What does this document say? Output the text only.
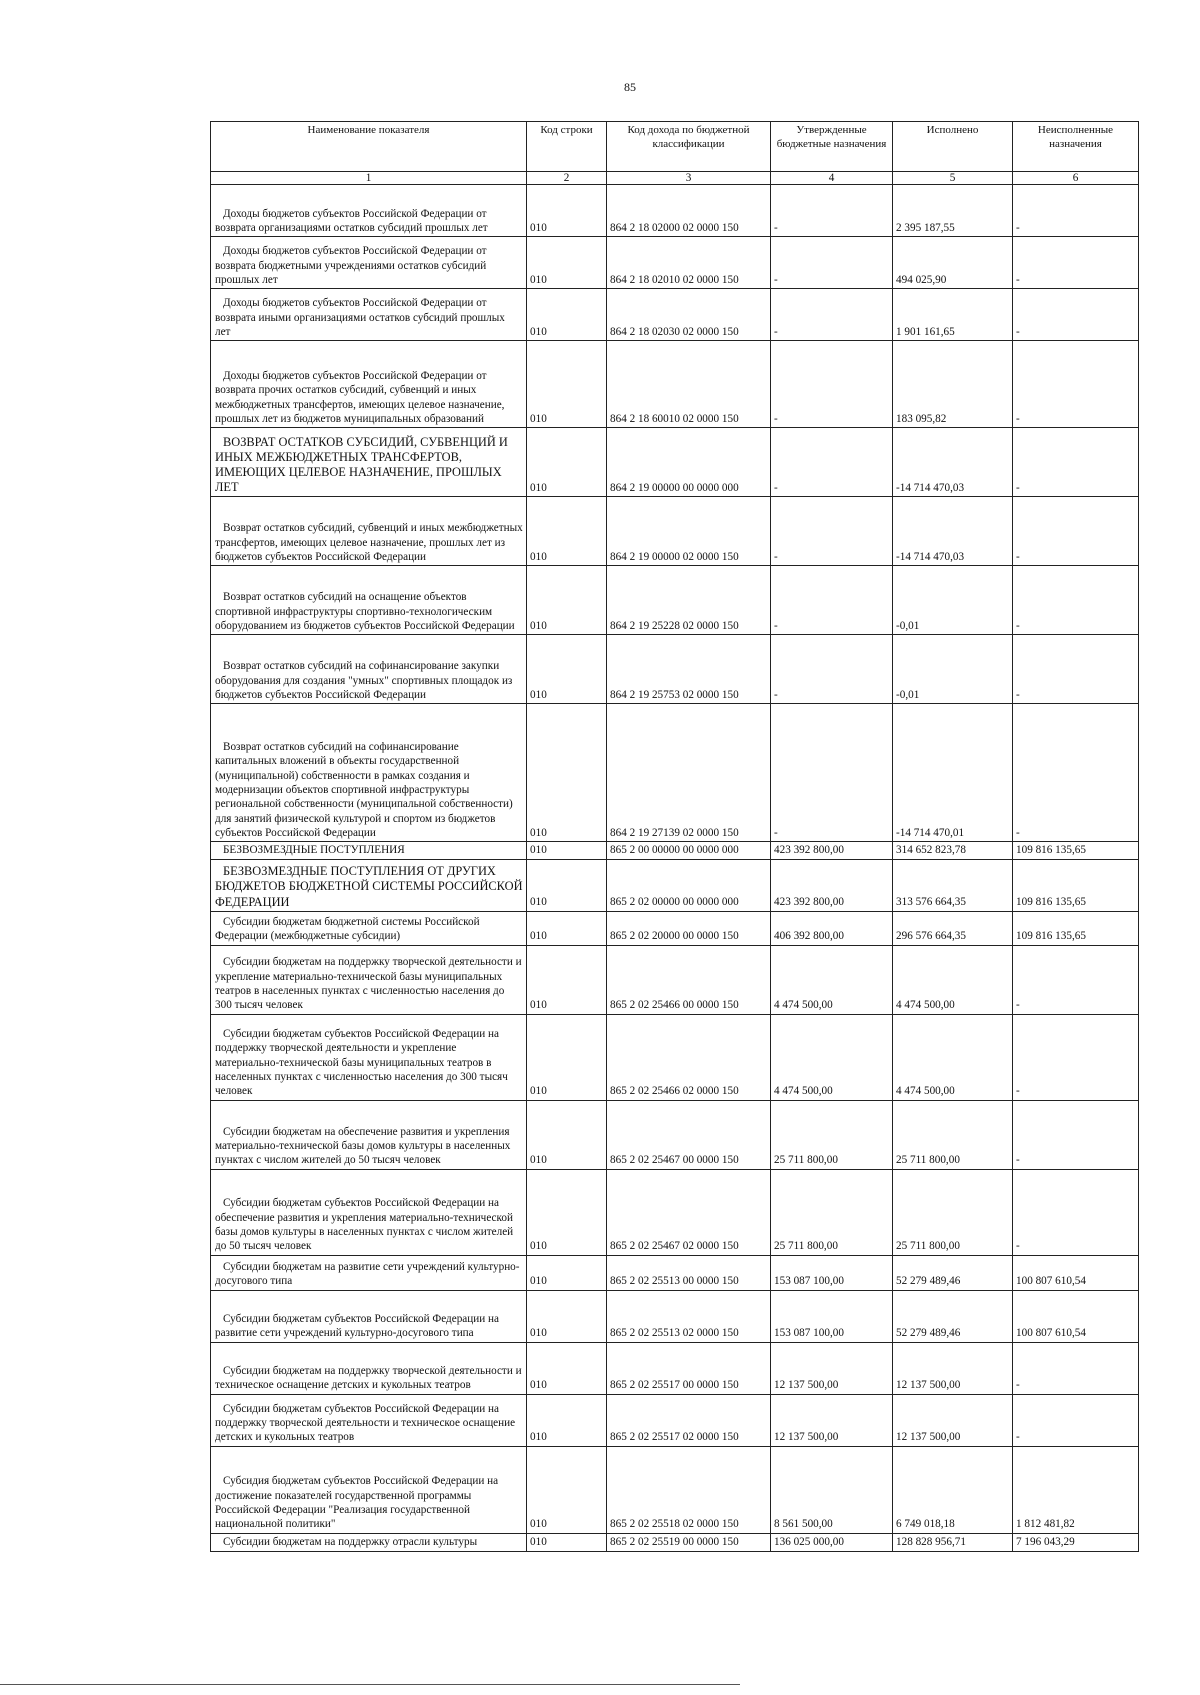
85
Наименование показателя	Код строки	Код дохода по бюджетной классификации	Утвержденные бюджетные назначения	Исполнено	Неисполненные назначения
1	2	3	4	5	6

Доходы бюджетов субъектов Российской Федерации от возврата организациями остатков субсидий прошлых лет	010	864 2 18 02000 02 0000 150	-	2 395 187,55	-

Доходы бюджетов субъектов Российской Федерации от возврата бюджетными учреждениями остатков субсидий прошлых лет	010	864 2 18 02010 02 0000 150	-	494 025,90	-

Доходы бюджетов субъектов Российской Федерации от возврата иными организациями остатков субсидий прошлых лет	010	864 2 18 02030 02 0000 150	-	1 901 161,65	-

Доходы бюджетов субъектов Российской Федерации от возврата прочих остатков субсидий, субвенций и иных межбюджетных трансфертов, имеющих целевое назначение, прошлых лет из бюджетов муниципальных образований	010	864 2 18 60010 02 0000 150	-	183 095,82	-

ВОЗВРАТ ОСТАТКОВ СУБСИДИЙ, СУБВЕНЦИЙ И ИНЫХ МЕЖБЮДЖЕТНЫХ ТРАНСФЕРТОВ, ИМЕЮЩИХ ЦЕЛЕВОЕ НАЗНАЧЕНИЕ, ПРОШЛЫХ ЛЕТ	010	864 2 19 00000 00 0000 000	-	-14 714 470,03	-

Возврат остатков субсидий, субвенций и иных межбюджетных трансфертов, имеющих целевое назначение, прошлых лет из бюджетов субъектов Российской Федерации	010	864 2 19 00000 02 0000 150	-	-14 714 470,03	-

Возврат остатков субсидий на оснащение объектов спортивной инфраструктуры спортивно-технологическим оборудованием из бюджетов субъектов Российской Федерации	010	864 2 19 25228 02 0000 150	-	-0,01	-

Возврат остатков субсидий на софинансирование закупки оборудования для создания "умных" спортивных площадок из бюджетов субъектов Российской Федерации	010	864 2 19 25753 02 0000 150	-	-0,01	-

Возврат остатков субсидий на софинансирование капитальных вложений в объекты государственной (муниципальной) собственности в рамках создания и модернизации объектов спортивной инфраструктуры региональной собственности (муниципальной собственности) для занятий физической культурой и спортом из бюджетов субъектов Российской Федерации	010	864 2 19 27139 02 0000 150	-	-14 714 470,01	-

БЕЗВОЗМЕЗДНЫЕ ПОСТУПЛЕНИЯ	010	865 2 00 00000 00 0000 000	423 392 800,00	314 652 823,78	109 816 135,65

БЕЗВОЗМЕЗДНЫЕ ПОСТУПЛЕНИЯ ОТ ДРУГИХ БЮДЖЕТОВ БЮДЖЕТНОЙ СИСТЕМЫ РОССИЙСКОЙ ФЕДЕРАЦИИ	010	865 2 02 00000 00 0000 000	423 392 800,00	313 576 664,35	109 816 135,65

Субсидии бюджетам бюджетной системы Российской Федерации (межбюджетные субсидии)	010	865 2 02 20000 00 0000 150	406 392 800,00	296 576 664,35	109 816 135,65

Субсидии бюджетам на поддержку творческой деятельности и укрепление материально-технической базы муниципальных театров в населенных пунктах с численностью населения до 300 тысяч человек	010	865 2 02 25466 00 0000 150	4 474 500,00	4 474 500,00	-

Субсидии бюджетам субъектов Российской Федерации на поддержку творческой деятельности и укрепление материально-технической базы муниципальных театров в населенных пунктах с численностью населения до 300 тысяч человек	010	865 2 02 25466 02 0000 150	4 474 500,00	4 474 500,00	-

Субсидии бюджетам на обеспечение развития и укрепления материально-технической базы домов культуры в населенных пунктах с числом жителей до 50 тысяч человек	010	865 2 02 25467 00 0000 150	25 711 800,00	25 711 800,00	-

Субсидии бюджетам субъектов Российской Федерации на обеспечение развития и укрепления материально-технической базы домов культуры в населенных пунктах с числом жителей до 50 тысяч человек	010	865 2 02 25467 02 0000 150	25 711 800,00	25 711 800,00	-

Субсидии бюджетам на развитие сети учреждений культурно-досугового типа	010	865 2 02 25513 00 0000 150	153 087 100,00	52 279 489,46	100 807 610,54

Субсидии бюджетам субъектов Российской Федерации на развитие сети учреждений культурно-досугового типа	010	865 2 02 25513 02 0000 150	153 087 100,00	52 279 489,46	100 807 610,54

Субсидии бюджетам на поддержку творческой деятельности и техническое оснащение детских и кукольных театров	010	865 2 02 25517 00 0000 150	12 137 500,00	12 137 500,00	-

Субсидии бюджетам субъектов Российской Федерации на поддержку творческой деятельности и техническое оснащение детских и кукольных театров	010	865 2 02 25517 02 0000 150	12 137 500,00	12 137 500,00	-

Субсидия бюджетам субъектов Российской Федерации на достижение показателей государственной программы Российской Федерации "Реализация государственной национальной политики"	010	865 2 02 25518 02 0000 150	8 561 500,00	6 749 018,18	1 812 481,82

Субсидии бюджетам на поддержку отрасли культуры	010	865 2 02 25519 00 0000 150	136 025 000,00	128 828 956,71	7 196 043,29
